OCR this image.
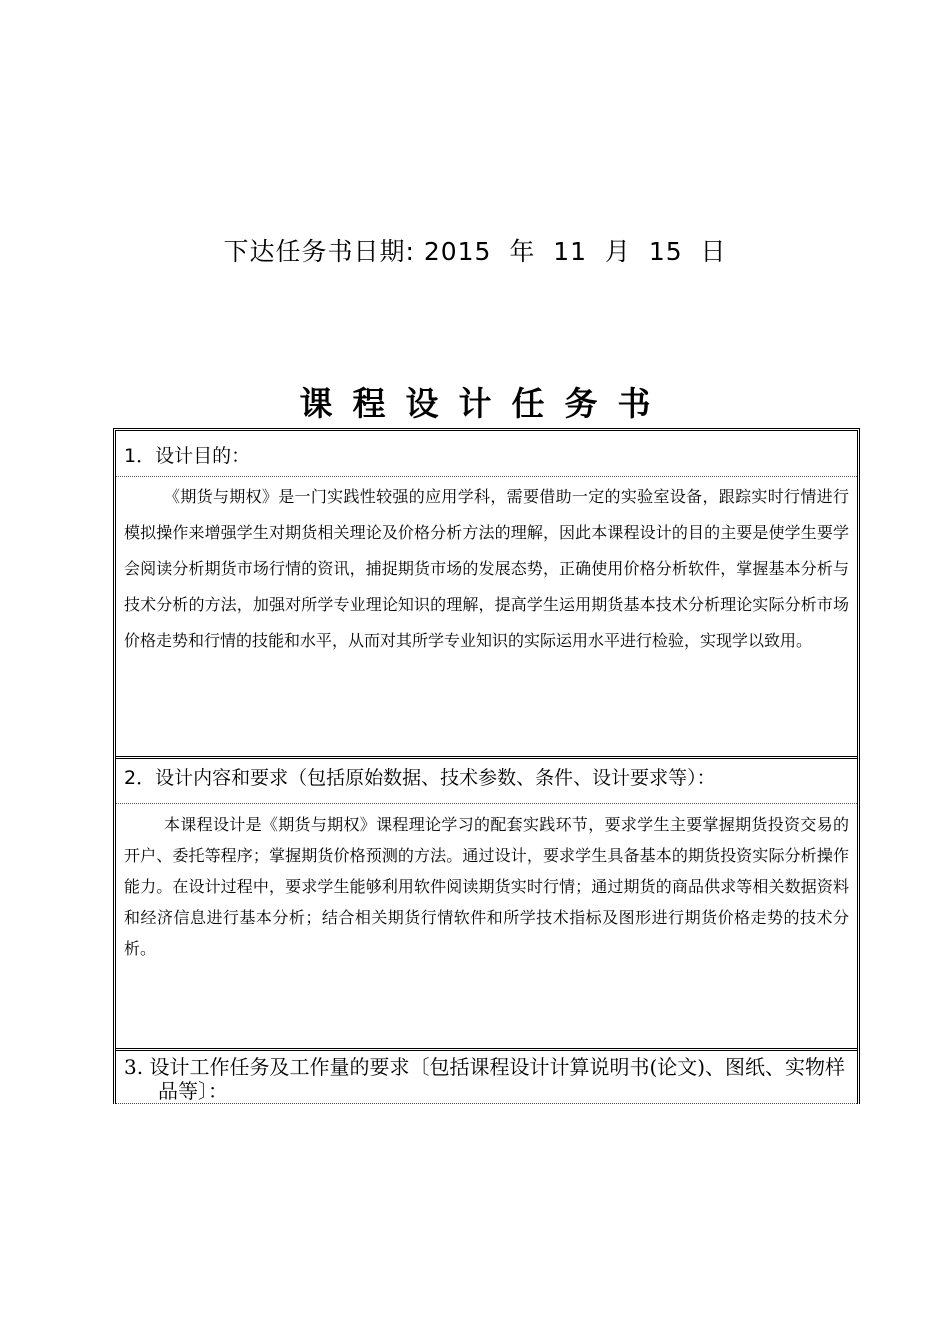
下达任务书日期: 2015  年  11  月  15  日
课程设计任务书
1．设计目的：
《期货与期权》是一门实践性较强的应用学科，需要借助一定的实验室设备，跟踪实时行情进行模拟操作来增强学生对期货相关理论及价格分析方法的理解，因此本课程设计的目的主要是使学生要学会阅读分析期货市场行情的资讯，捕捉期货市场的发展态势，正确使用价格分析软件，掌握基本分析与技术分析的方法，加强对所学专业理论知识的理解，提高学生运用期货基本技术分析理论实际分析市场价格走势和行情的技能和水平，从而对其所学专业知识的实际运用水平进行检验，实现学以致用。
2．设计内容和要求（包括原始数据、技术参数、条件、设计要求等）：
本课程设计是《期货与期权》课程理论学习的配套实践环节，要求学生主要掌握期货投资交易的开户、委托等程序；掌握期货价格预测的方法。通过设计，要求学生具备基本的期货投资实际分析操作能力。在设计过程中，要求学生能够利用软件阅读期货实时行情；通过期货的商品供求等相关数据资料和经济信息进行基本分析；结合相关期货行情软件和所学技术指标及图形进行期货价格走势的技术分析。
3. 设计工作任务及工作量的要求〔包括课程设计计算说明书(论文)、图纸、实物样品等〕：
